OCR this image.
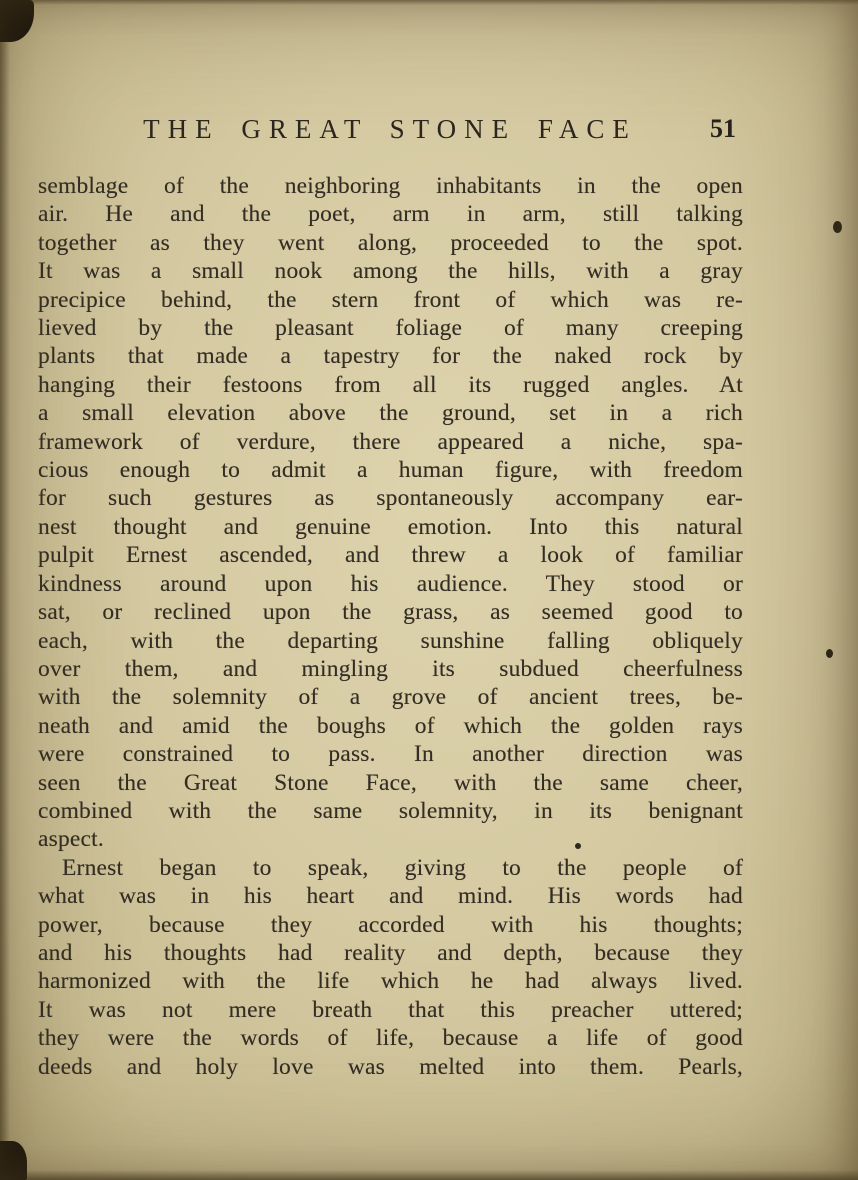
THE GREAT STONE FACE	51
semblage of the neighboring inhabitants in the open
air. He and the poet, arm in arm, still talking
together as they went along, proceeded to the spot.
It was a small nook among the hills, with a gray
precipice behind, the stern front of which was re-
lieved by the pleasant foliage of many creeping
plants that made a tapestry for the naked rock by
hanging their festoons from all its rugged angles. At
a small elevation above the ground, set in a rich
framework of verdure, there appeared a niche, spa-
cious enough to admit a human figure, with freedom
for such gestures as spontaneously accompany ear-
nest thought and genuine emotion. Into this natural
pulpit Ernest ascended, and threw a look of familiar
kindness around upon his audience. They stood or
sat, or reclined upon the grass, as seemed good to
each, with the departing sunshine falling obliquely
over them, and mingling its subdued cheerfulness
with the solemnity of a grove of ancient trees, be-
neath and amid the boughs of which the golden rays
were constrained to pass. In another direction was
seen the Great Stone Face, with the same cheer,
combined with the same solemnity, in its benignant
aspect.
Ernest began to speak, giving to the people of
what was in his heart and mind. His words had
power, because they accorded with his thoughts;
and his thoughts had reality and depth, because they
harmonized with the life which he had always lived.
It was not mere breath that this preacher uttered;
they were the words of life, because a life of good
deeds and holy love was melted into them. Pearls,
